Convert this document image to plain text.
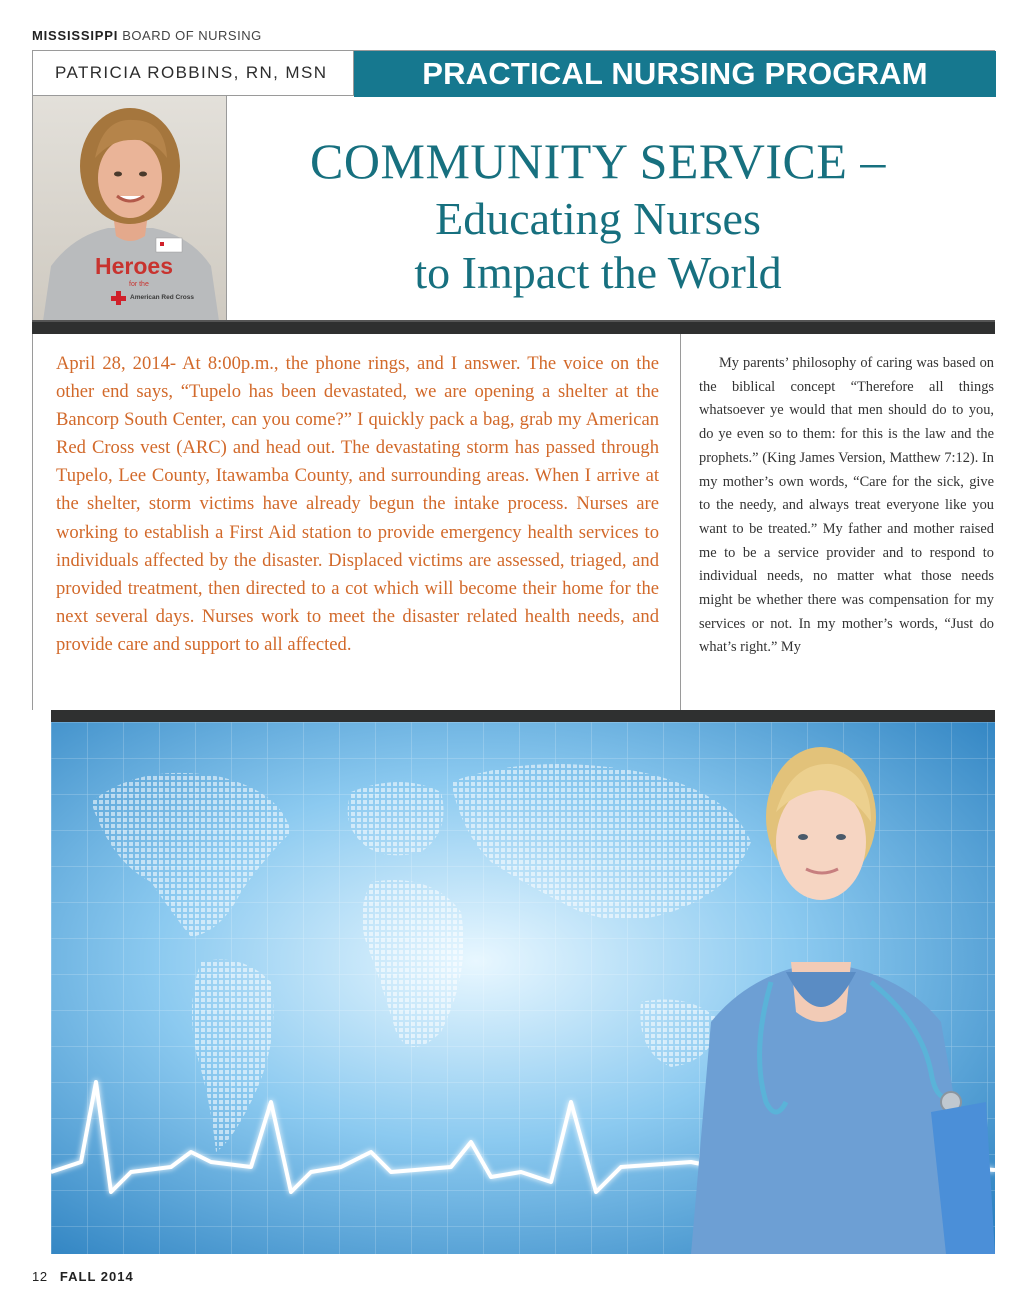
MISSISSIPPI BOARD OF NURSING
PATRICIA ROBBINS, RN, MSN	PRACTICAL NURSING PROGRAM
Heroes
for the
American Red Cross
COMMUNITY SERVICE –
Educating Nurses
to Impact the World

April 28, 2014- At 8:00p.m., the phone rings, and I answer. The voice on the other end says, “Tupelo has been devastated, we are opening a shelter at the Bancorp South Center, can you come?” I quickly pack a bag, grab my American Red Cross vest (ARC) and head out. The devastating storm has passed through Tupelo, Lee County, Itawamba County, and surrounding areas. When I arrive at the shelter, storm victims have already begun the intake process. Nurses are working to establish a First Aid station to provide emergency health services to individuals affected by the disaster. Displaced victims are assessed, triaged, and provided treatment, then directed to a cot which will become their home for the next several days. Nurses work to meet the disaster related health needs, and provide care and support to all affected.

My parents’ philosophy of caring was based on the biblical concept “Therefore all things whatsoever ye would that men should do to you, do ye even so to them: for this is the law and the prophets.” (King James Version, Matthew 7:12). In my mother’s own words, “Care for the sick, give to the needy, and always treat everyone like you want to be treated.” My father and mother raised me to be a service provider and to respond to individual needs, no matter what those needs might be whether there was compensation for my services or not. In my mother’s words, “Just do what’s right.” My

12 FALL 2014
